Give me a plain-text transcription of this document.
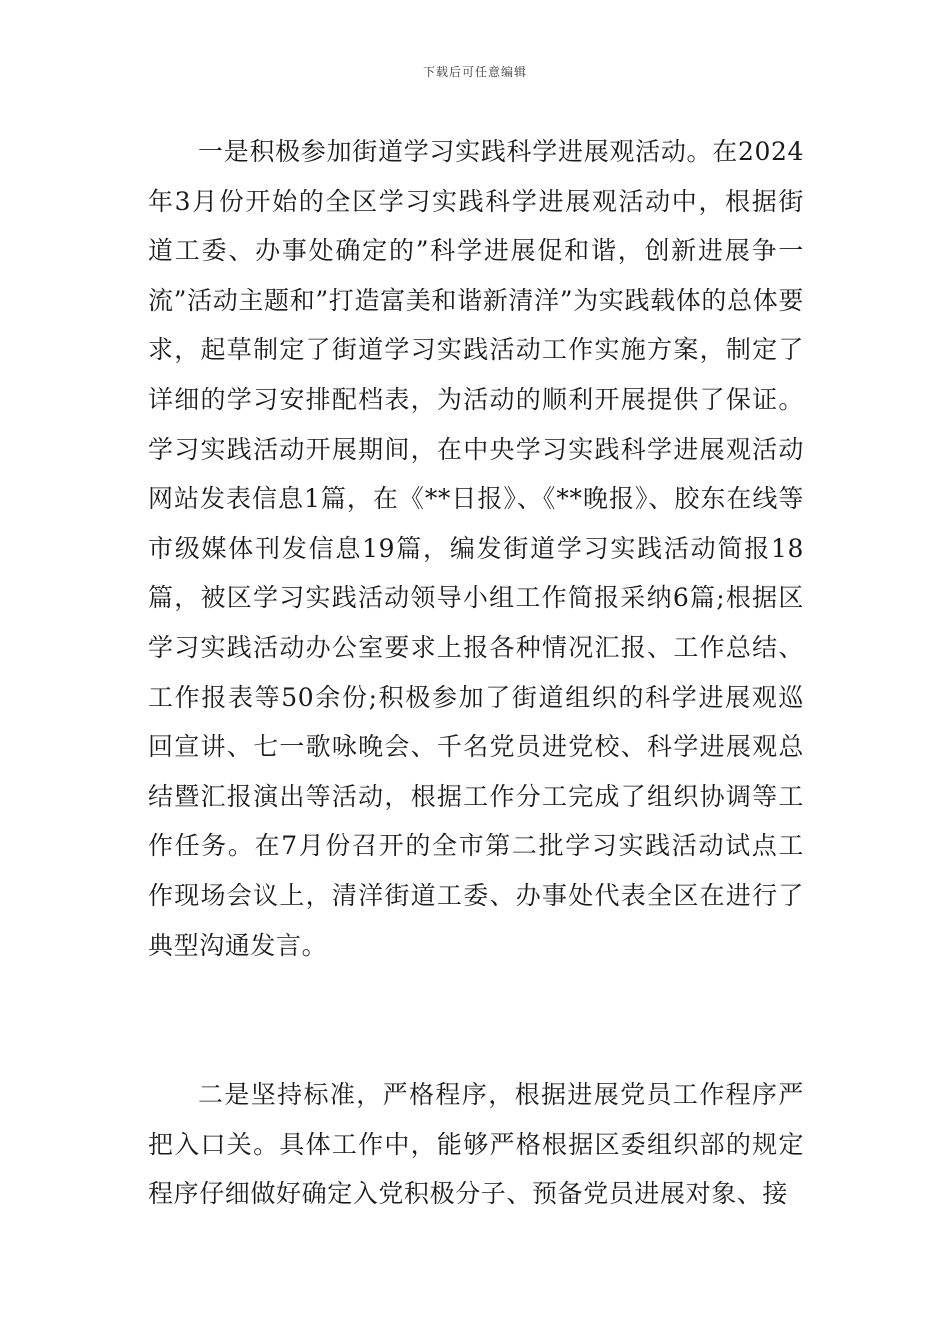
下载后可任意编辑

一是积极参加街道学习实践科学进展观活动。在2024年3月份开始的全区学习实践科学进展观活动中，根据街道工委、办事处确定的”科学进展促和谐，创新进展争一流”活动主题和”打造富美和谐新清洋”为实践载体的总体要求，起草制定了街道学习实践活动工作实施方案，制定了详细的学习安排配档表，为活动的顺利开展提供了保证。学习实践活动开展期间，在中央学习实践科学进展观活动网站发表信息1篇，在《**日报》、《**晚报》、胶东在线等市级媒体刊发信息19篇，编发街道学习实践活动简报18篇，被区学习实践活动领导小组工作简报采纳6篇;根据区学习实践活动办公室要求上报各种情况汇报、工作总结、工作报表等50余份;积极参加了街道组织的科学进展观巡回宣讲、七一歌咏晚会、千名党员进党校、科学进展观总结暨汇报演出等活动，根据工作分工完成了组织协调等工作任务。在7月份召开的全市第二批学习实践活动试点工作现场会议上，清洋街道工委、办事处代表全区在进行了典型沟通发言。

二是坚持标准，严格程序，根据进展党员工作程序严把入口关。具体工作中，能够严格根据区委组织部的规定程序仔细做好确定入党积极分子、预备党员进展对象、接
